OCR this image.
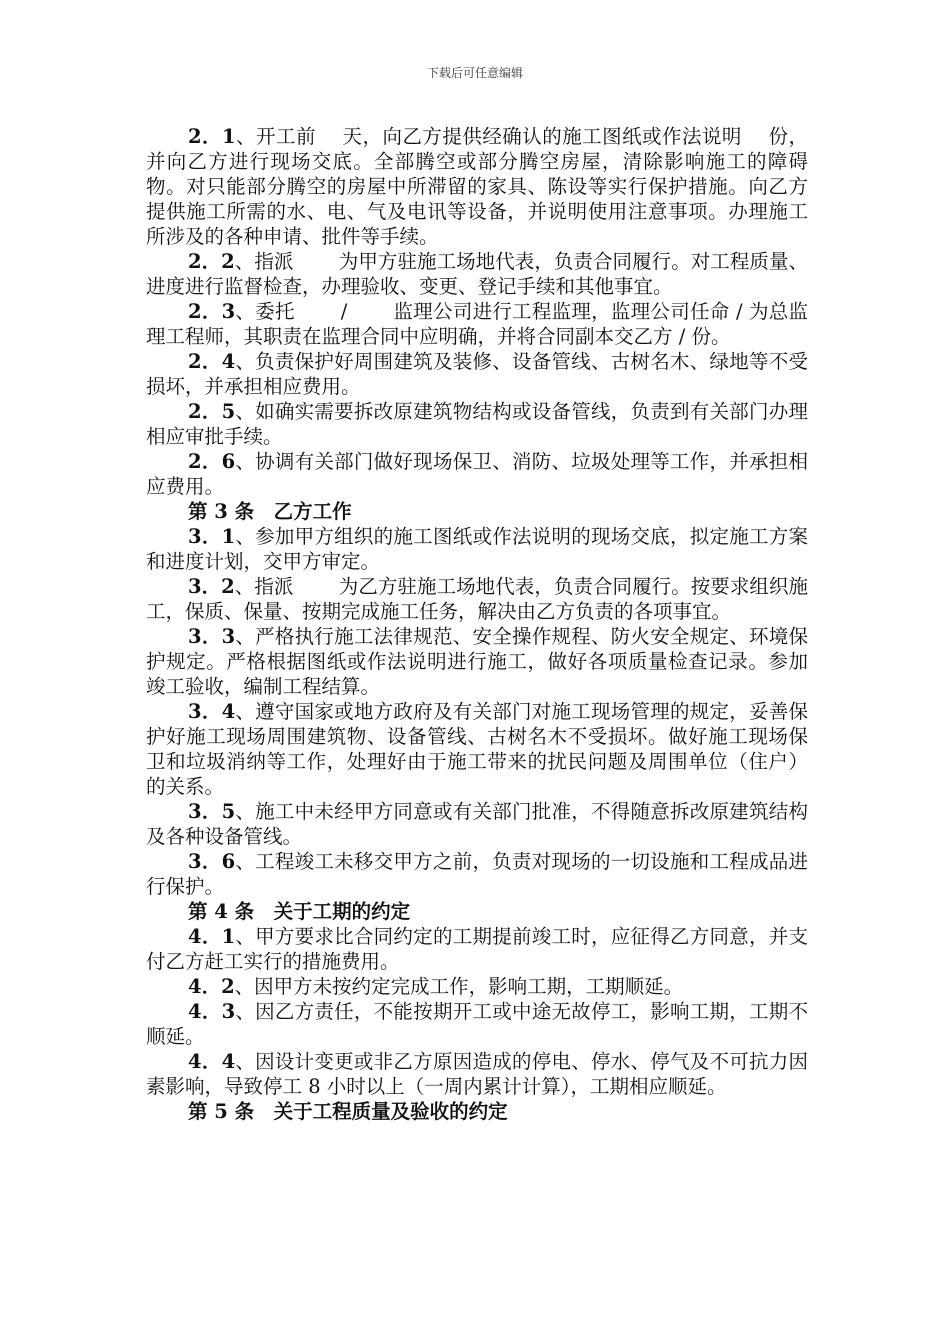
下载后可任意编辑

2．1、开工前　 天，向乙方提供经确认的施工图纸或作法说明　 份，并向乙方进行现场交底。全部腾空或部分腾空房屋，清除影响施工的障碍物。对只能部分腾空的房屋中所滞留的家具、陈设等实行保护措施。向乙方提供施工所需的水、电、气及电讯等设备，并说明使用注意事项。办理施工所涉及的各种申请、批件等手续。

2．2、指派　　 为甲方驻施工场地代表，负责合同履行。对工程质量、进度进行监督检查，办理验收、变更、登记手续和其他事宜。

2．3、委托　　 /　　 监理公司进行工程监理，监理公司任命 / 为总监理工程师，其职责在监理合同中应明确，并将合同副本交乙方 / 份。

2．4、负责保护好周围建筑及装修、设备管线、古树名木、绿地等不受损坏，并承担相应费用。

2．5、如确实需要拆改原建筑物结构或设备管线，负责到有关部门办理相应审批手续。

2．6、协调有关部门做好现场保卫、消防、垃圾处理等工作，并承担相应费用。

第 3 条　乙方工作

3．1、参加甲方组织的施工图纸或作法说明的现场交底，拟定施工方案和进度计划，交甲方审定。

3．2、指派　　 为乙方驻施工场地代表，负责合同履行。按要求组织施工，保质、保量、按期完成施工任务，解决由乙方负责的各项事宜。

3．3、严格执行施工法律规范、安全操作规程、防火安全规定、环境保护规定。严格根据图纸或作法说明进行施工，做好各项质量检查记录。参加竣工验收，编制工程结算。

3．4、遵守国家或地方政府及有关部门对施工现场管理的规定，妥善保护好施工现场周围建筑物、设备管线、古树名木不受损坏。做好施工现场保卫和垃圾消纳等工作，处理好由于施工带来的扰民问题及周围单位（住户）的关系。

3．5、施工中未经甲方同意或有关部门批准，不得随意拆改原建筑结构及各种设备管线。

3．6、工程竣工未移交甲方之前，负责对现场的一切设施和工程成品进行保护。

第 4 条　关于工期的约定

4．1、甲方要求比合同约定的工期提前竣工时，应征得乙方同意，并支付乙方赶工实行的措施费用。

4．2、因甲方未按约定完成工作，影响工期，工期顺延。

4．3、因乙方责任，不能按期开工或中途无故停工，影响工期，工期不顺延。

4．4、因设计变更或非乙方原因造成的停电、停水、停气及不可抗力因素影响，导致停工 8 小时以上（一周内累计计算），工期相应顺延。

第 5 条　关于工程质量及验收的约定
